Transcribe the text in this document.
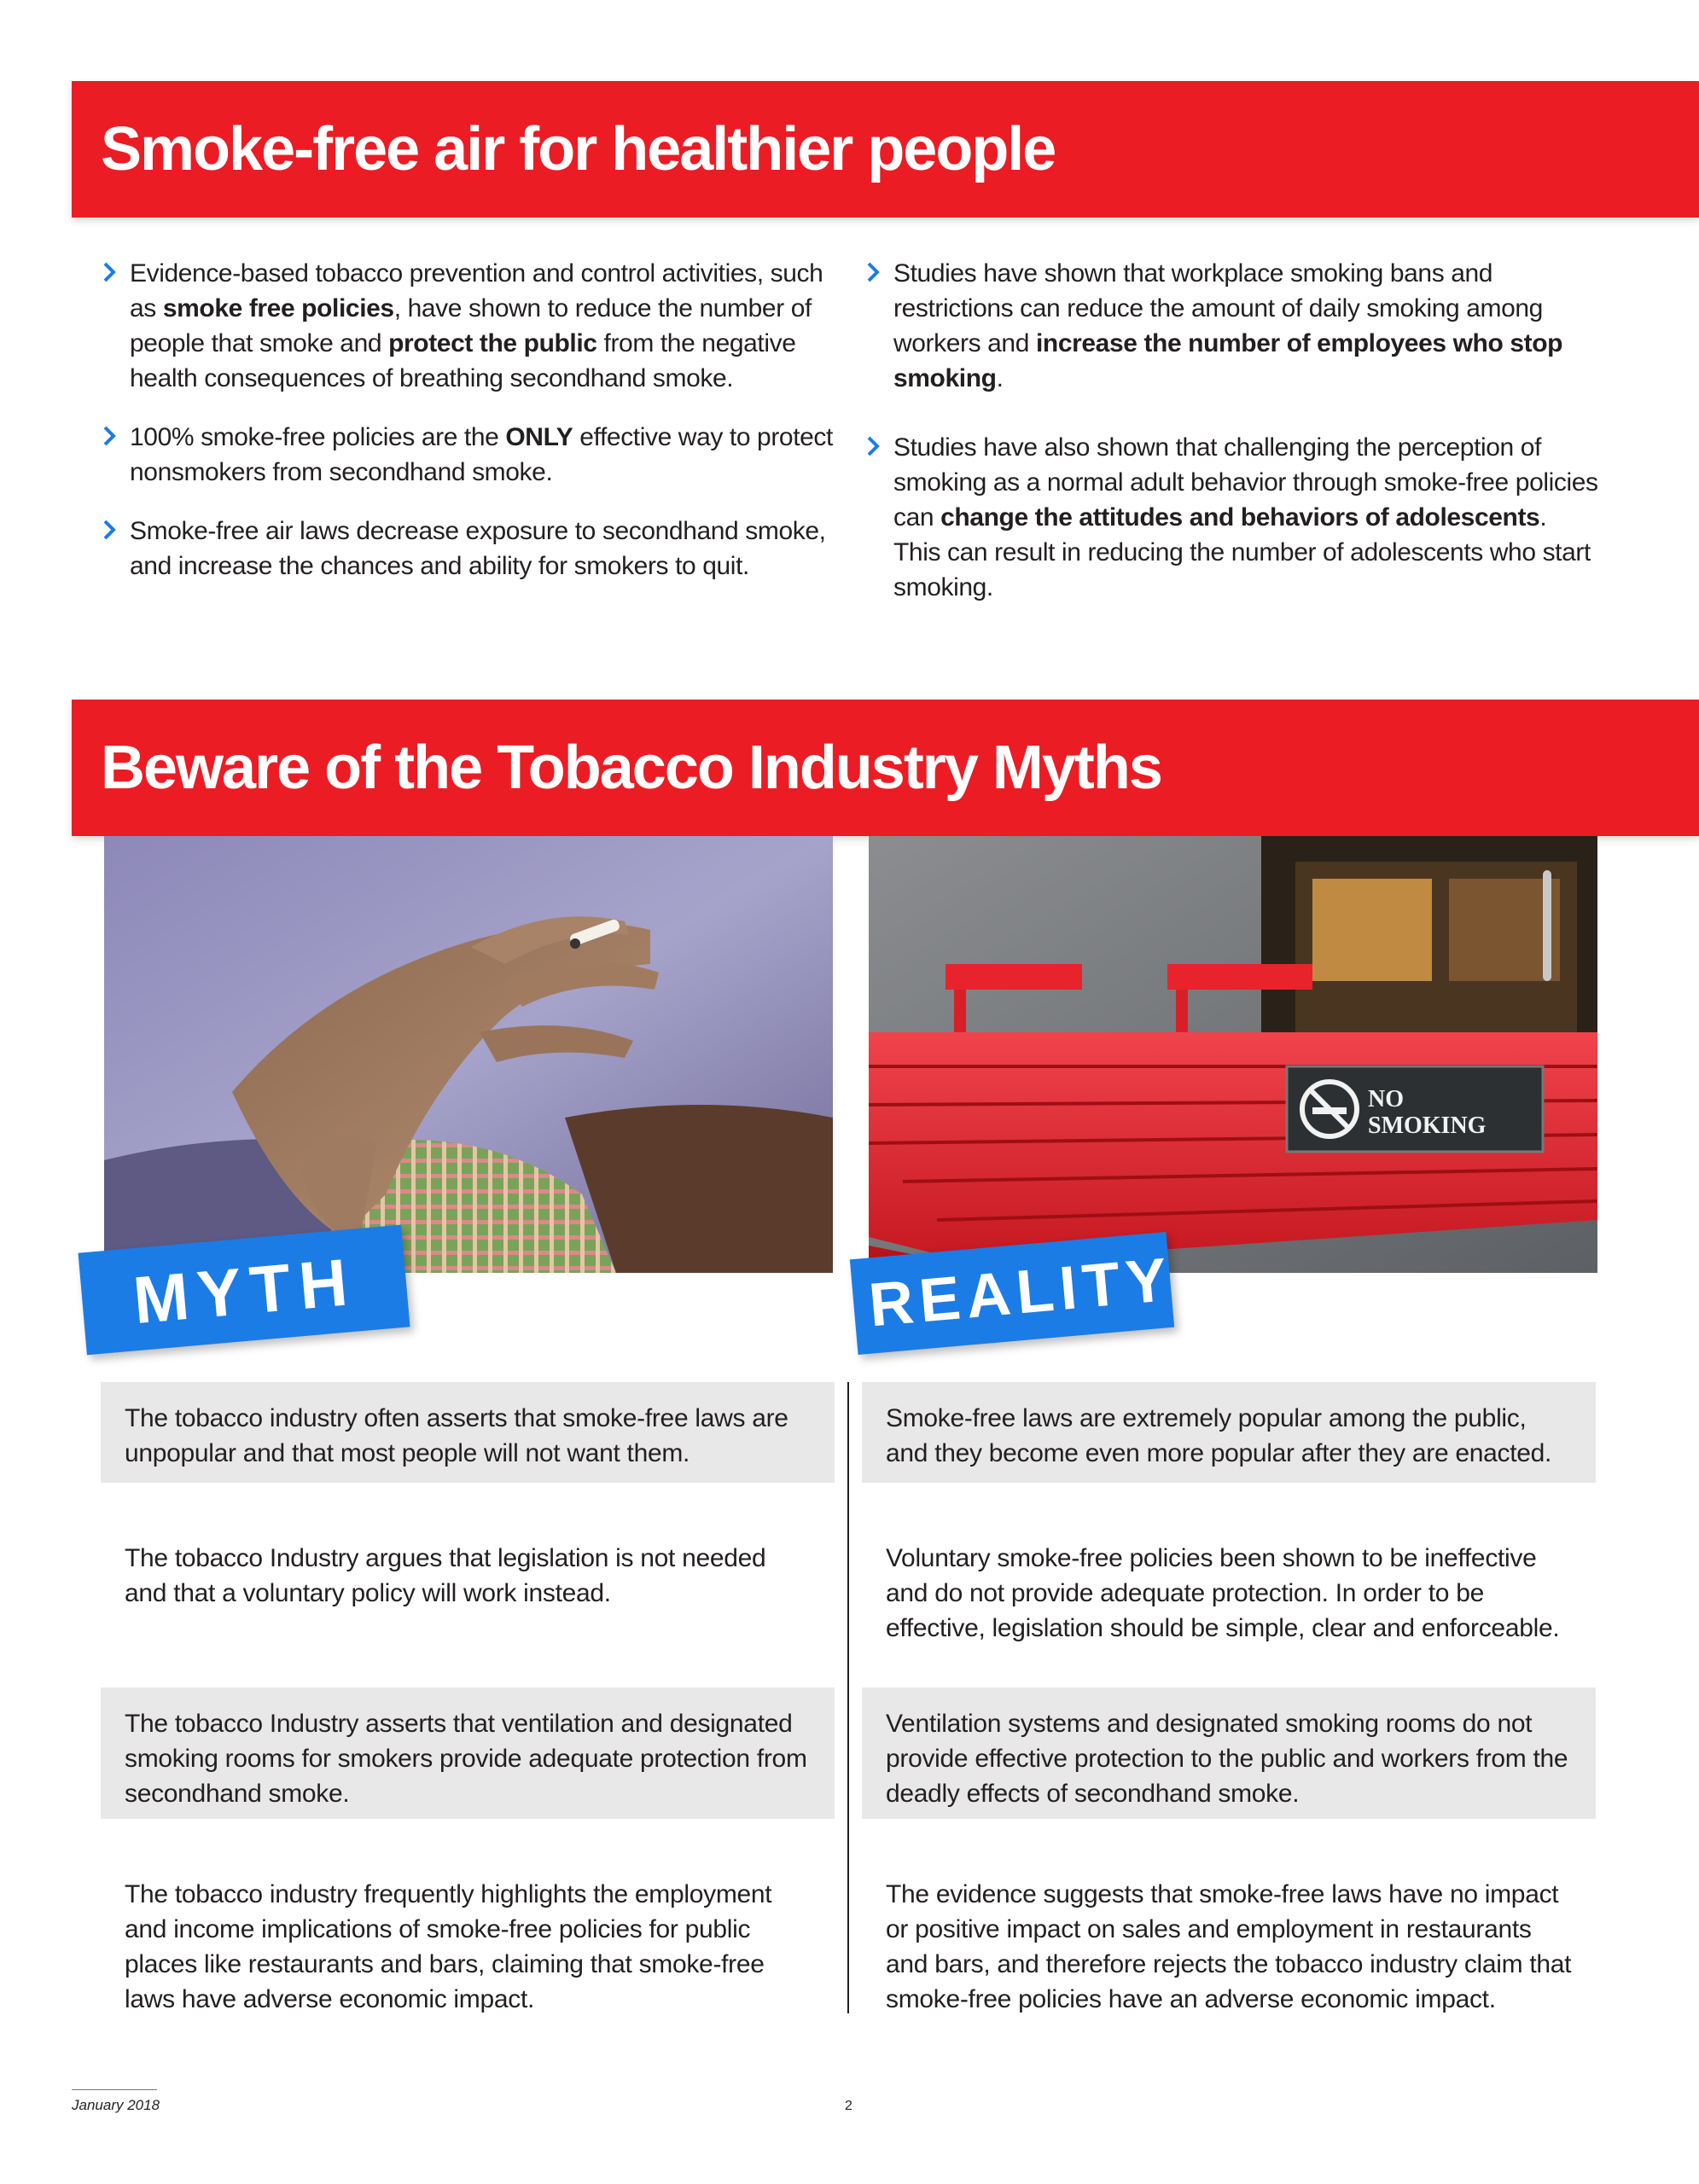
Smoke-free air for healthier people

Evidence-based tobacco prevention and control activities, such as smoke free policies, have shown to reduce the number of people that smoke and protect the public from the negative health consequences of breathing secondhand smoke.

100% smoke-free policies are the ONLY effective way to protect nonsmokers from secondhand smoke.

Smoke-free air laws decrease exposure to secondhand smoke, and increase the chances and ability for smokers to quit.

Studies have shown that workplace smoking bans and restrictions can reduce the amount of daily smoking among workers and increase the number of employees who stop smoking.

Studies have also shown that challenging the perception of smoking as a normal adult behavior through smoke-free policies can change the attitudes and behaviors of adolescents. This can result in reducing the number of adolescents who start smoking.

Beware of the Tobacco Industry Myths
NO
SMOKING
MYTH	REALITY
The tobacco industry often asserts that smoke-free laws are unpopular and that most people will not want them.
Smoke-free laws are extremely popular among the public, and they become even more popular after they are enacted.
The tobacco Industry argues that legislation is not needed and that a voluntary policy will work instead.
Voluntary smoke-free policies been shown to be ineffective and do not provide adequate protection. In order to be effective, legislation should be simple, clear and enforceable.
The tobacco Industry asserts that ventilation and designated smoking rooms for smokers provide adequate protection from secondhand smoke.
Ventilation systems and designated smoking rooms do not provide effective protection to the public and workers from the deadly effects of secondhand smoke.
The tobacco industry frequently highlights the employment and income implications of smoke-free policies for public places like restaurants and bars, claiming that smoke-free laws have adverse economic impact.
The evidence suggests that smoke-free laws have no impact or positive impact on sales and employment in restaurants and bars, and therefore rejects the tobacco industry claim that smoke-free policies have an adverse economic impact.
January 2018	2
